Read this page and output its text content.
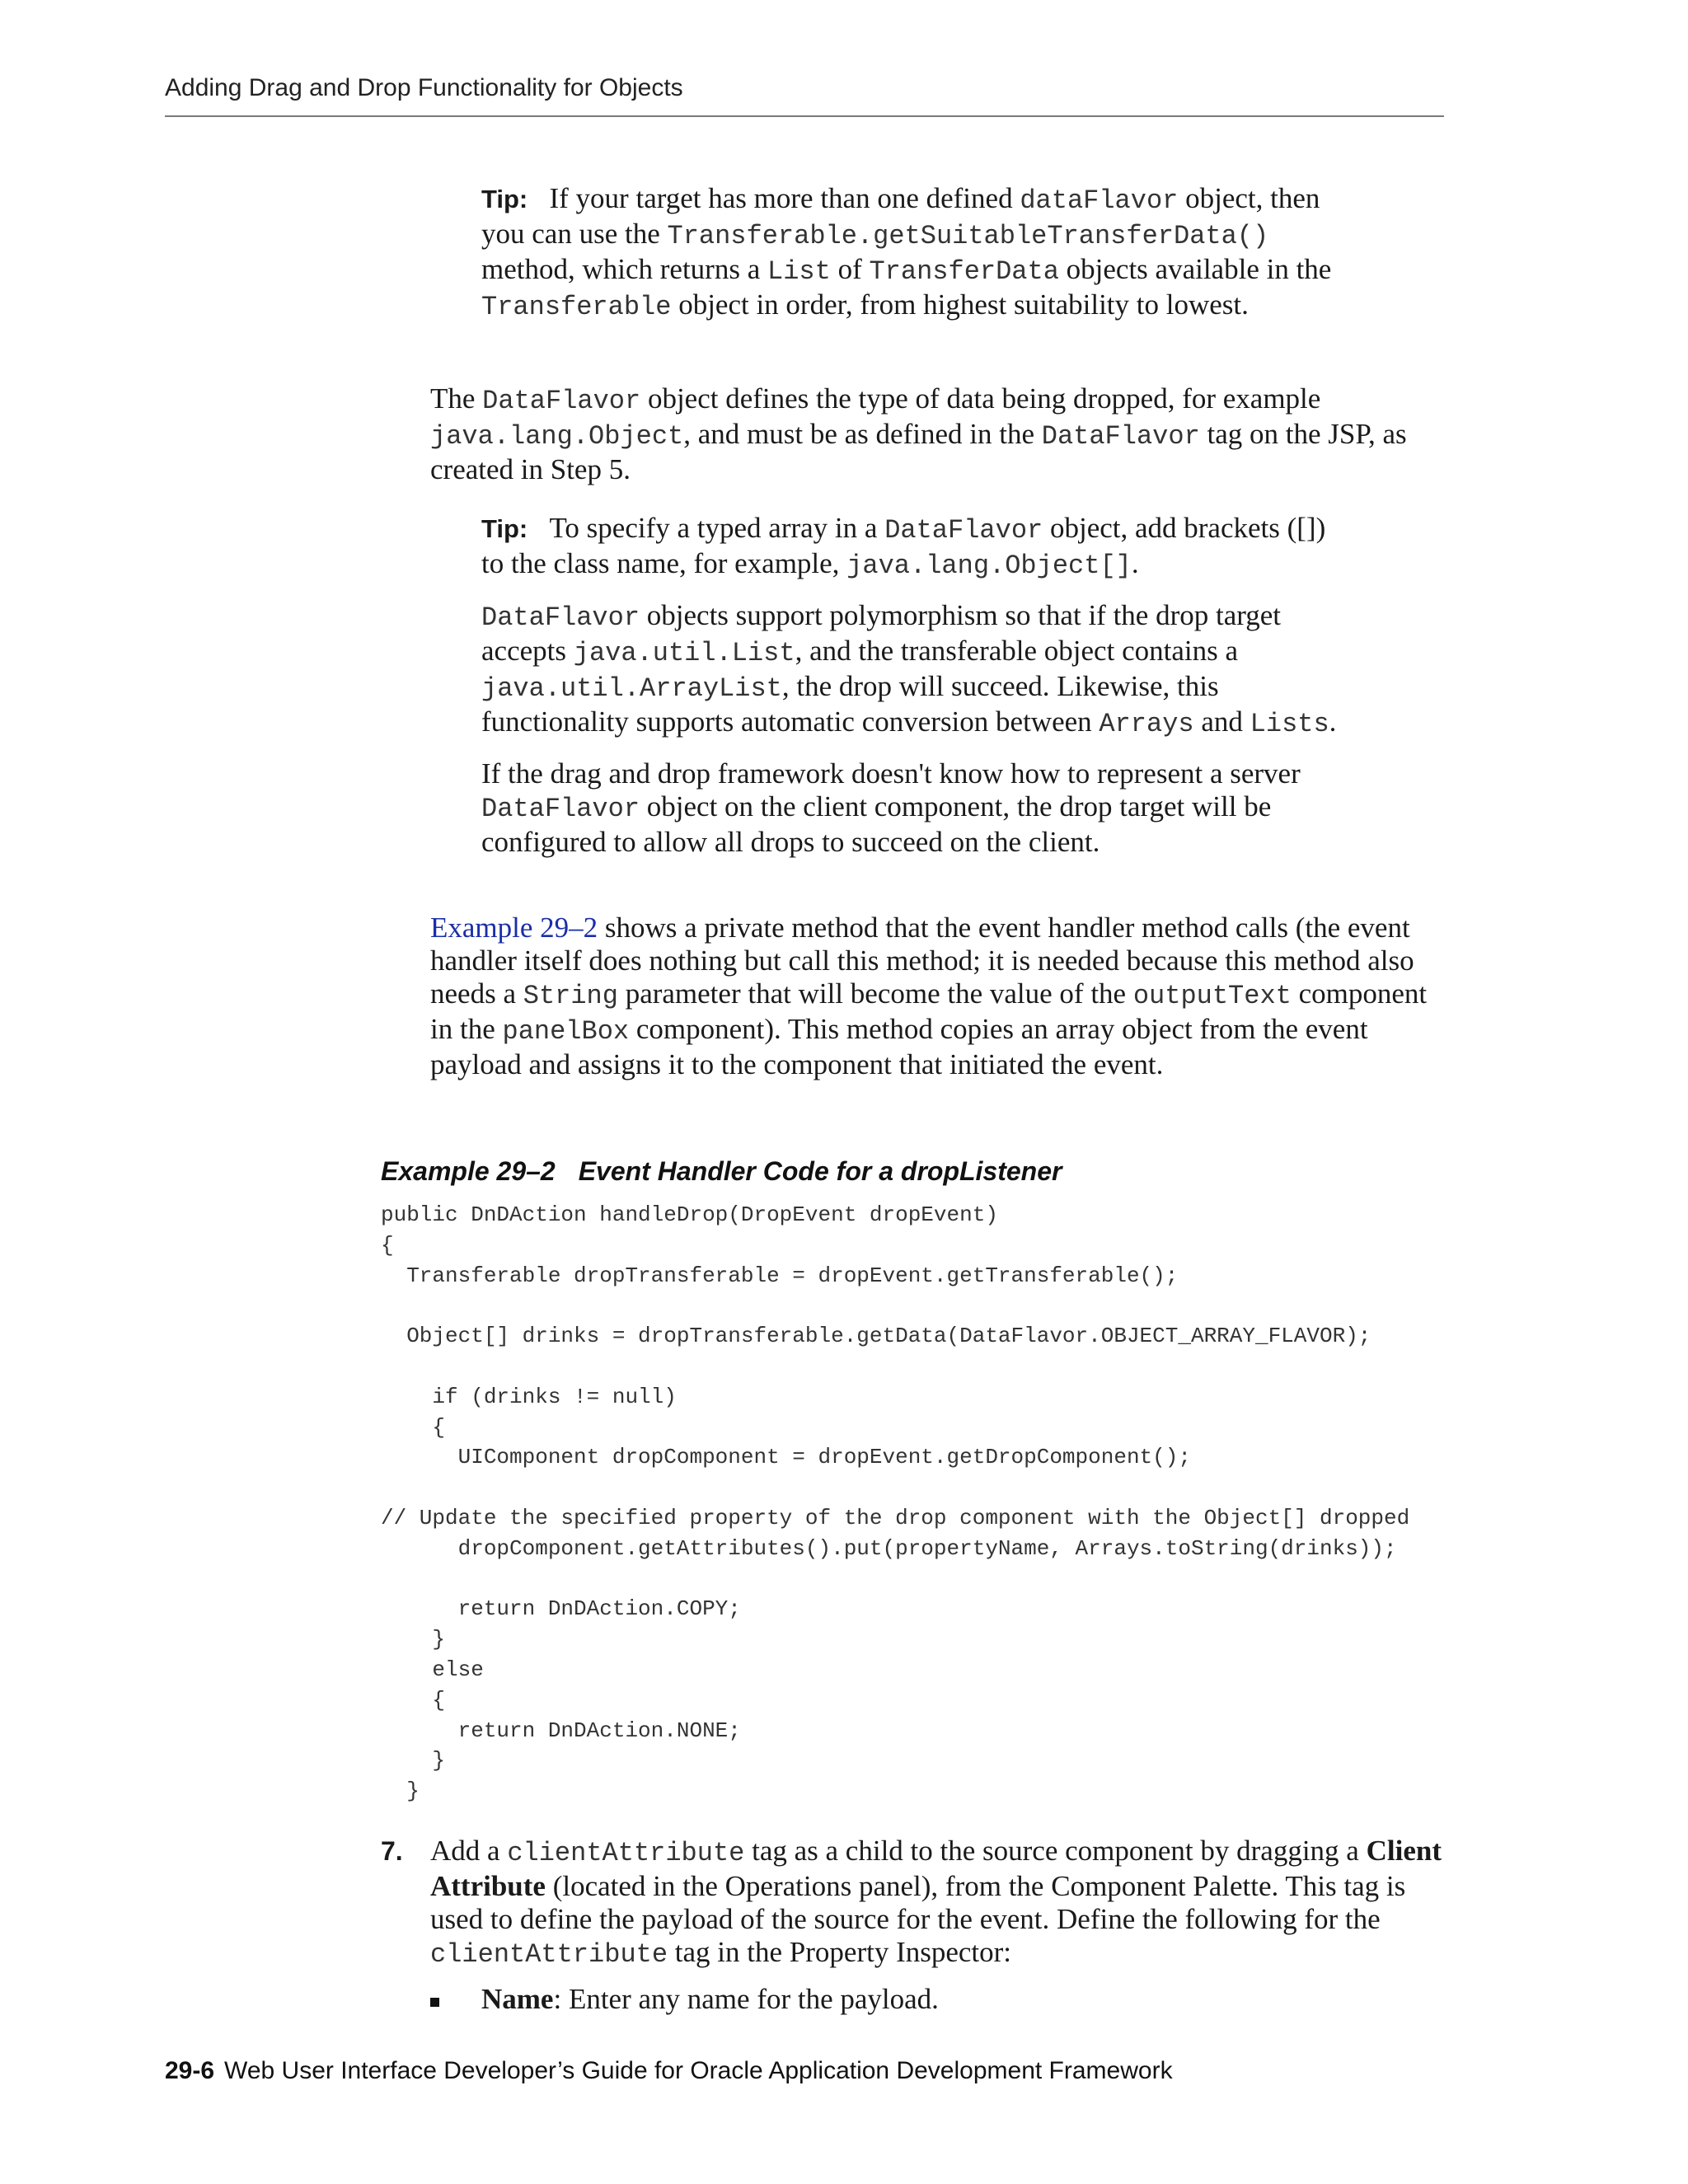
Adding Drag and Drop Functionality for Objects

Tip: If your target has more than one defined dataFlavor object, then you can use the Transferable.getSuitableTransferData() method, which returns a List of TransferData objects available in the Transferable object in order, from highest suitability to lowest.

The DataFlavor object defines the type of data being dropped, for example java.lang.Object, and must be as defined in the DataFlavor tag on the JSP, as created in Step 5.

Tip: To specify a typed array in a DataFlavor object, add brackets ([]) to the class name, for example, java.lang.Object[].

DataFlavor objects support polymorphism so that if the drop target accepts java.util.List, and the transferable object contains a java.util.ArrayList, the drop will succeed. Likewise, this functionality supports automatic conversion between Arrays and Lists.

If the drag and drop framework doesn't know how to represent a server DataFlavor object on the client component, the drop target will be configured to allow all drops to succeed on the client.

Example 29–2 shows a private method that the event handler method calls (the event handler itself does nothing but call this method; it is needed because this method also needs a String parameter that will become the value of the outputText component in the panelBox component). This method copies an array object from the event payload and assigns it to the component that initiated the event.

Example 29–2 Event Handler Code for a dropListener
public DnDAction handleDrop(DropEvent dropEvent)
{
Transferable dropTransferable = dropEvent.getTransferable();

Object[] drinks = dropTransferable.getData(DataFlavor.OBJECT_ARRAY_FLAVOR);

if (drinks != null)
{
UIComponent dropComponent = dropEvent.getDropComponent();

// Update the specified property of the drop component with the Object[] dropped
dropComponent.getAttributes().put(propertyName, Arrays.toString(drinks));

return DnDAction.COPY;
}
else
{
return DnDAction.NONE;
}
}
7. Add a clientAttribute tag as a child to the source component by dragging a Client Attribute (located in the Operations panel), from the Component Palette. This tag is used to define the payload of the source for the event. Define the following for the clientAttribute tag in the Property Inspector:

Name: Enter any name for the payload.

29-6 Web User Interface Developer’s Guide for Oracle Application Development Framework
